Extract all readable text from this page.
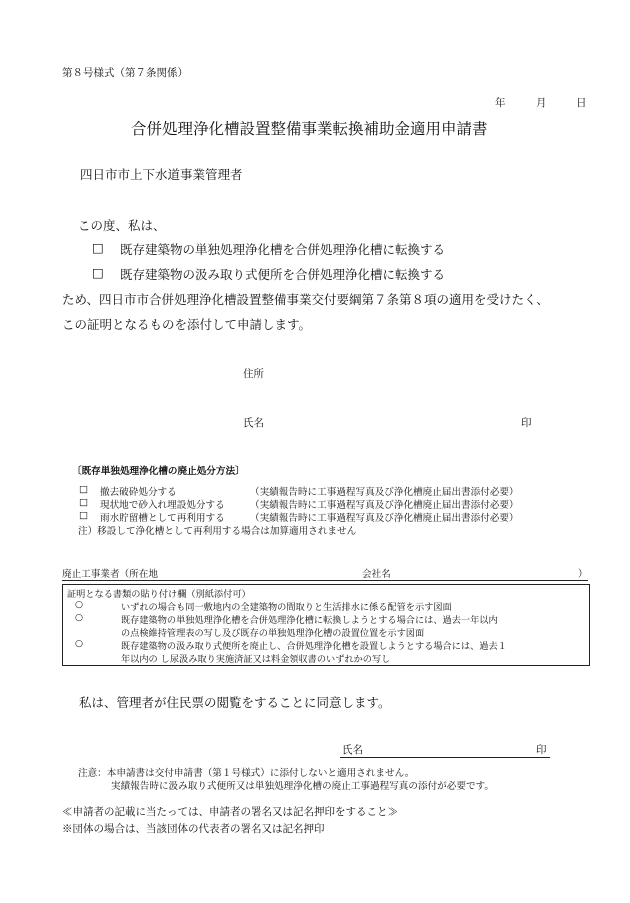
第８号様式（第７条関係）
年	月	日
合併処理浄化槽設置整備事業転換補助金適用申請書
四日市市上下水道事業管理者
この度、私は、
□ 既存建築物の単独処理浄化槽を合併処理浄化槽に転換する
□ 既存建築物の汲み取り式便所を合併処理浄化槽に転換する
ため、四日市市合併処理浄化槽設置整備事業交付要綱第７条第８項の適用を受けたく、
この証明となるものを添付して申請します。
住所
氏名	印
〔既存単独処理浄化槽の廃止処分方法〕
□ 撤去破砕処分する	（実績報告時に工事過程写真及び浄化槽廃止届出書添付必要）
□ 現状地で砂入れ埋設処分する	（実績報告時に工事過程写真及び浄化槽廃止届出書添付必要）
□ 雨水貯留槽として再利用する	（実績報告時に工事過程写真及び浄化槽廃止届出書添付必要）
注）移設して浄化槽として再利用する場合は加算適用されません
廃止工事業者（所在地	会社名	）
証明となる書類の貼り付け欄（別紙添付可）
○	いずれの場合も同一敷地内の全建築物の間取りと生活排水に係る配管を示す図面
○	既存建築物の単独処理浄化槽を合併処理浄化槽に転換しようとする場合には、過去一年以内
の点検維持管理表の写し及び既存の単独処理浄化槽の設置位置を示す図面
○	既存建築物の汲み取り式便所を廃止し、合併処理浄化槽を設置しようとする場合には、過去１
年以内の し尿汲み取り実施済証又は料金領収書のいずれかの写し
私は、管理者が住民票の閲覧をすることに同意します。
氏名	印
注意：本申請書は交付申請書（第１号様式）に添付しないと適用されません。
実績報告時に汲み取り式便所又は単独処理浄化槽の廃止工事過程写真の添付が必要です。
≪申請者の記載に当たっては、申請者の署名又は記名押印をすること≫
※団体の場合は、当該団体の代表者の署名又は記名押印
